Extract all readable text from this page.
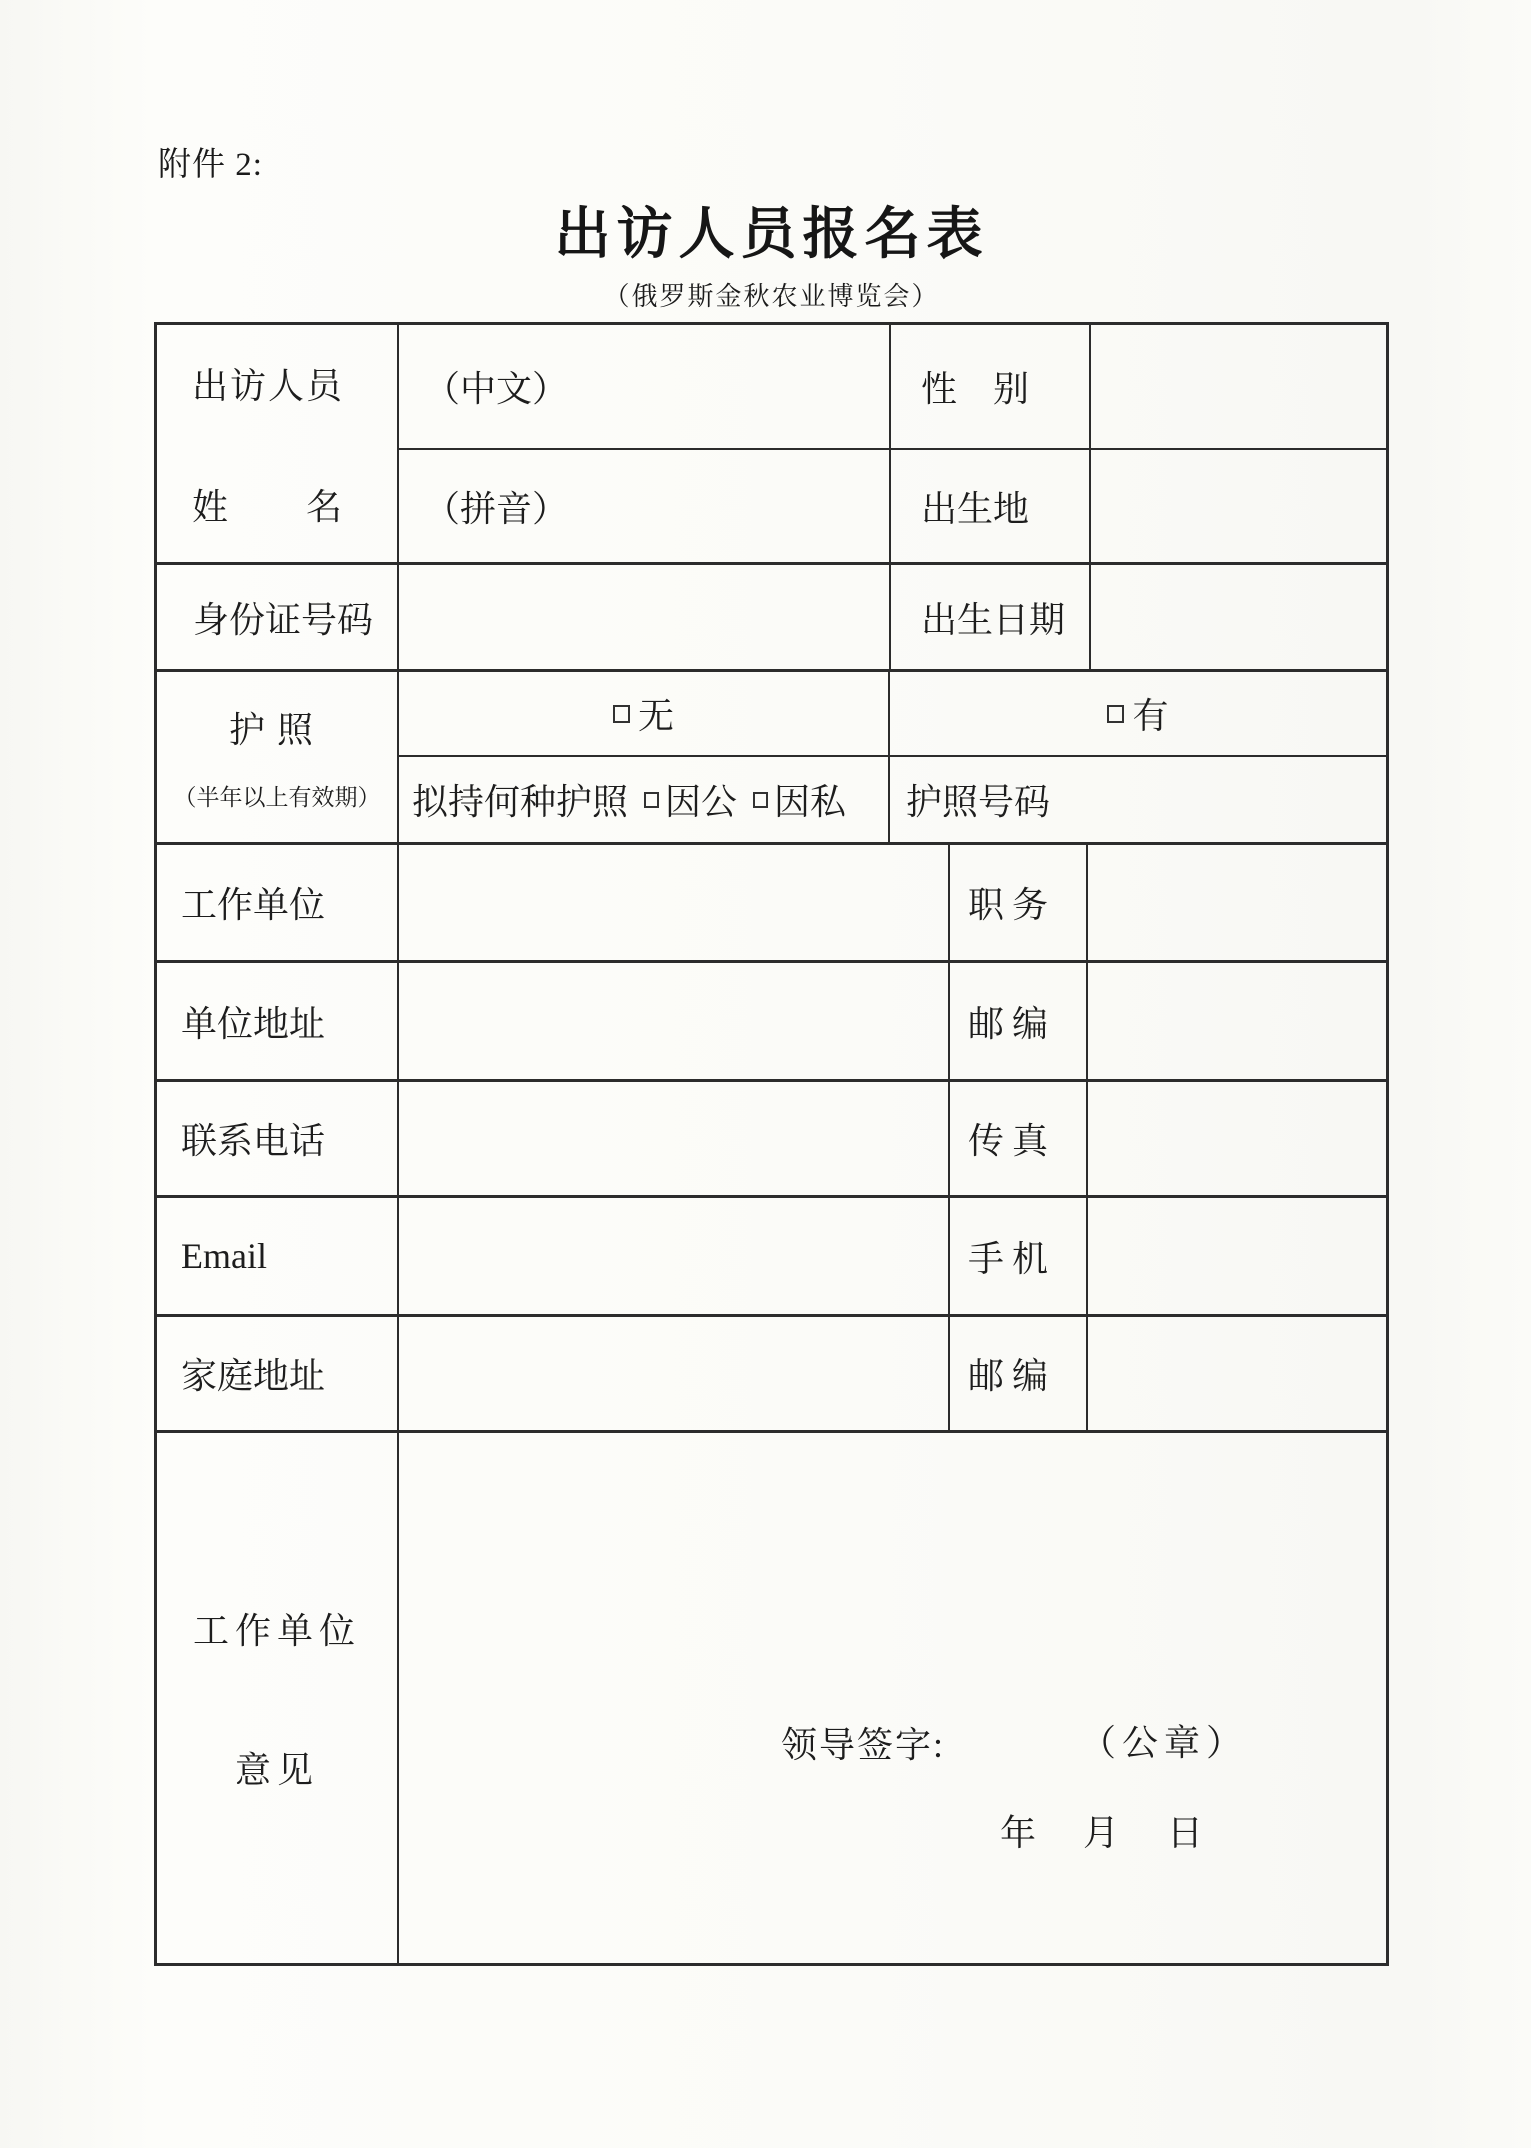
附件 2:
出访人员报名表
（俄罗斯金秋农业博览会）
出访人员
姓　　名
（中文）	性　别
（拼音）	出生地
身份证号码	出生日期
护照
（半年以上有效期）
无	有
拟持何种护照 因公 因私 护照号码
工作单位	职务
单位地址	邮编
联系电话	传真
Email	手机
家庭地址	邮编
工作单位
意见
领导签字:	（公章）
年 月 日
